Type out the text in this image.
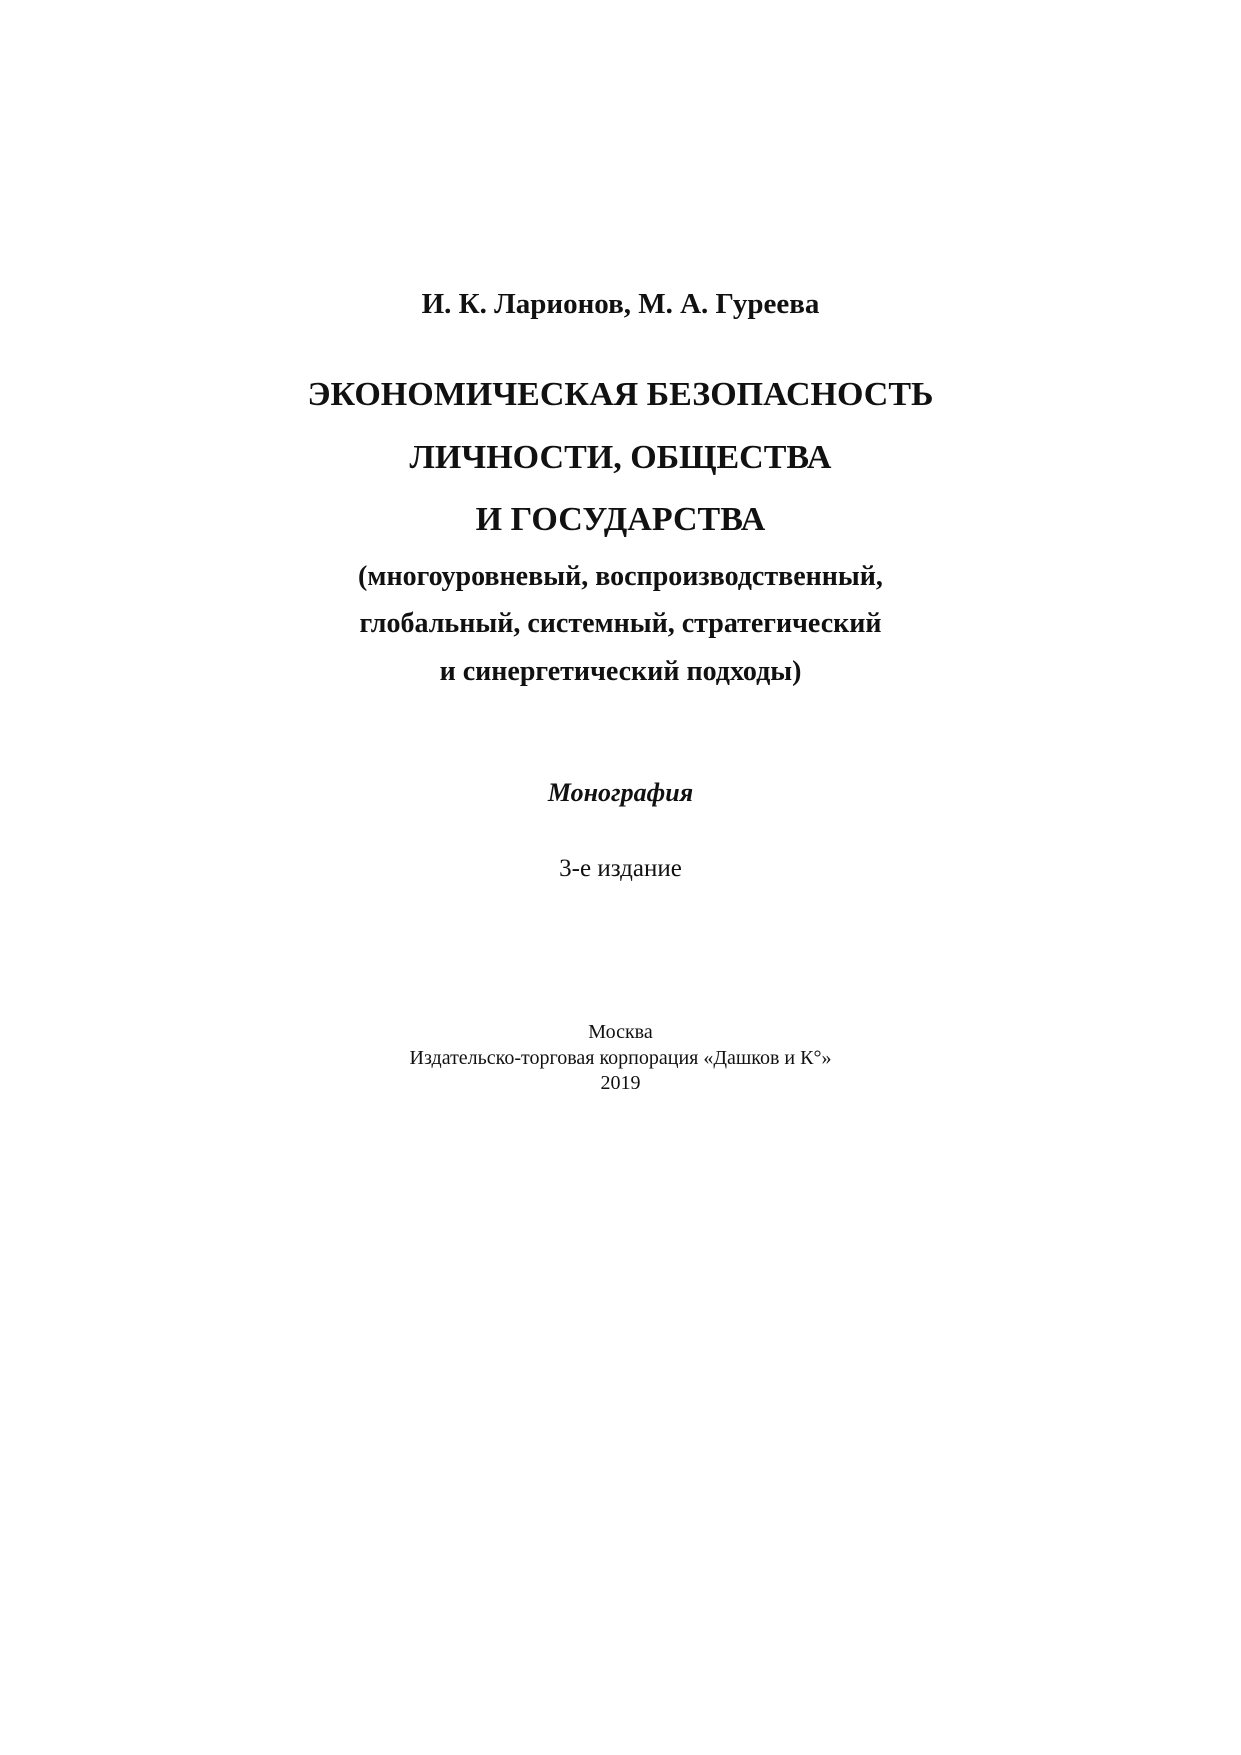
И. К. Ларионов, М. А. Гуреева

ЭКОНОМИЧЕСКАЯ БЕЗОПАСНОСТЬ

ЛИЧНОСТИ, ОБЩЕСТВА

И ГОСУДАРСТВА

(многоуровневый, воспроизводственный,

глобальный, системный, стратегический

и синергетический подходы)

Монография

3-е издание

Москва

Издательско-торговая корпорация «Дашков и К°»

2019
